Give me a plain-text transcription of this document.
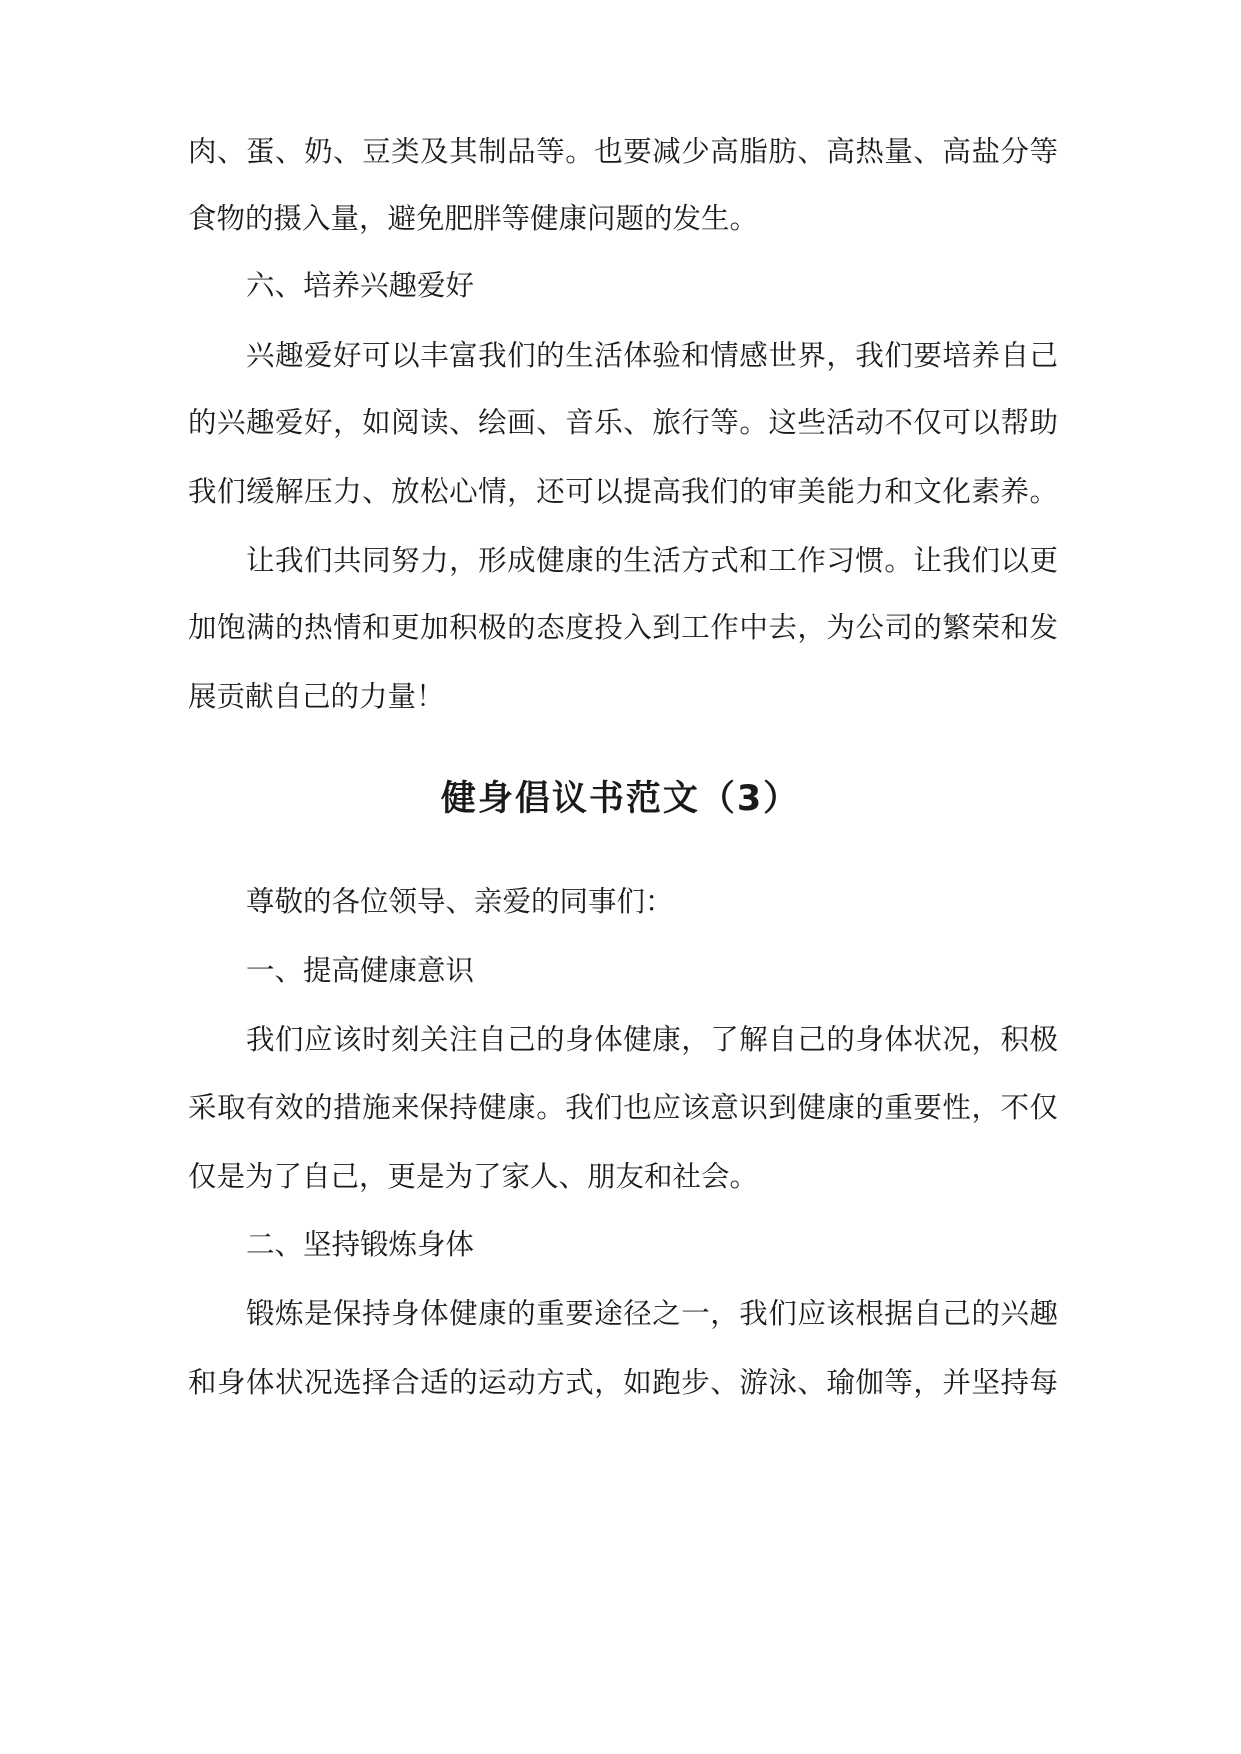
肉、蛋、奶、豆类及其制品等。也要减少高脂肪、高热量、高盐分等
食物的摄入量，避免肥胖等健康问题的发生。
六、培养兴趣爱好
兴趣爱好可以丰富我们的生活体验和情感世界，我们要培养自己
的兴趣爱好，如阅读、绘画、音乐、旅行等。这些活动不仅可以帮助
我们缓解压力、放松心情，还可以提高我们的审美能力和文化素养。
让我们共同努力，形成健康的生活方式和工作习惯。让我们以更
加饱满的热情和更加积极的态度投入到工作中去，为公司的繁荣和发
展贡献自己的力量！
健身倡议书范文（3）
尊敬的各位领导、亲爱的同事们：
一、提高健康意识
我们应该时刻关注自己的身体健康，了解自己的身体状况，积极
采取有效的措施来保持健康。我们也应该意识到健康的重要性，不仅
仅是为了自己，更是为了家人、朋友和社会。
二、坚持锻炼身体
锻炼是保持身体健康的重要途径之一，我们应该根据自己的兴趣
和身体状况选择合适的运动方式，如跑步、游泳、瑜伽等，并坚持每
